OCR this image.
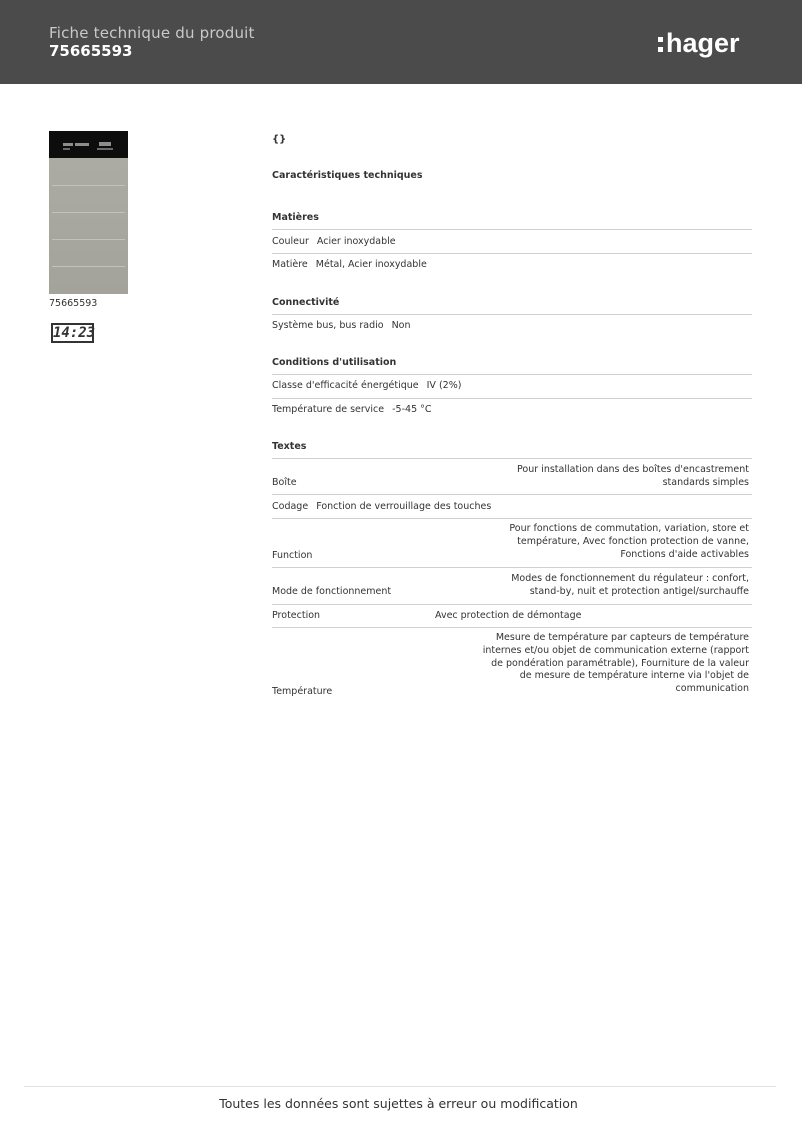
Fiche technique du produit
75665593	hager
75665593
14:23
{}
Caractéristiques techniques
Matières
Couleur Acier inoxydable
Matière Métal, Acier inoxydable
Connectivité
Système bus, bus radio Non
Conditions d'utilisation
Classe d'efficacité énergétique IV (2%)
Température de service -5-45 °C
Textes
Pour installation dans des boîtes d'encastrement standards simples
Boîte
Codage Fonction de verrouillage des touches
Pour fonctions de commutation, variation, store et température, Avec fonction protection de vanne, Fonctions d'aide activables
Function
Modes de fonctionnement du régulateur : confort, stand-by, nuit et protection antigel/surchauffe
Mode de fonctionnement
Protection	Avec protection de démontage
Mesure de température par capteurs de température internes et/ou objet de communication externe (rapport de pondération paramétrable), Fourniture de la valeur de mesure de température interne via l'objet de communication
Température
Toutes les données sont sujettes à erreur ou modification
